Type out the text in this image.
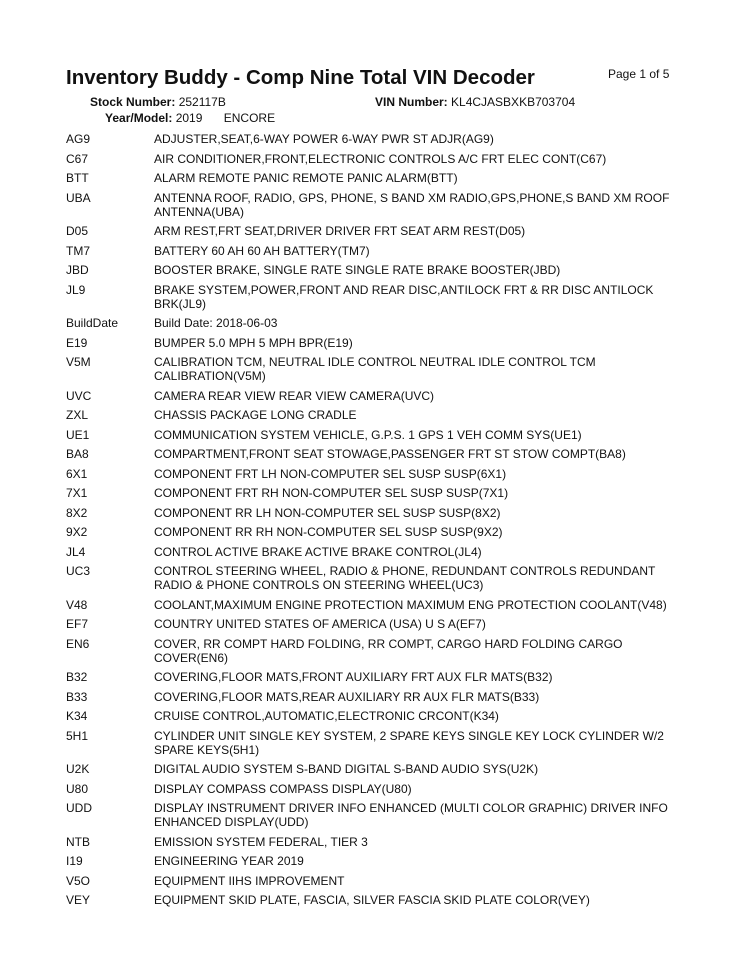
Inventory Buddy - Comp Nine Total VIN Decoder	Page 1 of 5
Stock Number: 252117B	VIN Number: KL4CJASBXKB703704
Year/Model: 2019 ENCORE
AG9	ADJUSTER,SEAT,6-WAY POWER 6-WAY PWR ST ADJR(AG9)
C67	AIR CONDITIONER,FRONT,ELECTRONIC CONTROLS A/C FRT ELEC CONT(C67)
BTT	ALARM REMOTE PANIC REMOTE PANIC ALARM(BTT)
UBA	ANTENNA ROOF, RADIO, GPS, PHONE, S BAND XM RADIO,GPS,PHONE,S BAND XM ROOF ANTENNA(UBA)
D05	ARM REST,FRT SEAT,DRIVER DRIVER FRT SEAT ARM REST(D05)
TM7	BATTERY 60 AH 60 AH BATTERY(TM7)
JBD	BOOSTER BRAKE, SINGLE RATE SINGLE RATE BRAKE BOOSTER(JBD)
JL9	BRAKE SYSTEM,POWER,FRONT AND REAR DISC,ANTILOCK FRT & RR DISC ANTILOCK BRK(JL9)
BuildDate	Build Date: 2018-06-03
E19	BUMPER 5.0 MPH 5 MPH BPR(E19)
V5M	CALIBRATION TCM, NEUTRAL IDLE CONTROL NEUTRAL IDLE CONTROL TCM CALIBRATION(V5M)
UVC	CAMERA REAR VIEW REAR VIEW CAMERA(UVC)
ZXL	CHASSIS PACKAGE LONG CRADLE
UE1	COMMUNICATION SYSTEM VEHICLE, G.P.S. 1 GPS 1 VEH COMM SYS(UE1)
BA8	COMPARTMENT,FRONT SEAT STOWAGE,PASSENGER FRT ST STOW COMPT(BA8)
6X1	COMPONENT FRT LH NON-COMPUTER SEL SUSP SUSP(6X1)
7X1	COMPONENT FRT RH NON-COMPUTER SEL SUSP SUSP(7X1)
8X2	COMPONENT RR LH NON-COMPUTER SEL SUSP SUSP(8X2)
9X2	COMPONENT RR RH NON-COMPUTER SEL SUSP SUSP(9X2)
JL4	CONTROL ACTIVE BRAKE ACTIVE BRAKE CONTROL(JL4)
UC3	CONTROL STEERING WHEEL, RADIO & PHONE, REDUNDANT CONTROLS REDUNDANT RADIO & PHONE CONTROLS ON STEERING WHEEL(UC3)
V48	COOLANT,MAXIMUM ENGINE PROTECTION MAXIMUM ENG PROTECTION COOLANT(V48)
EF7	COUNTRY UNITED STATES OF AMERICA (USA) U S A(EF7)
EN6	COVER, RR COMPT HARD FOLDING, RR COMPT, CARGO HARD FOLDING CARGO COVER(EN6)
B32	COVERING,FLOOR MATS,FRONT AUXILIARY FRT AUX FLR MATS(B32)
B33	COVERING,FLOOR MATS,REAR AUXILIARY RR AUX FLR MATS(B33)
K34	CRUISE CONTROL,AUTOMATIC,ELECTRONIC CRCONT(K34)
5H1	CYLINDER UNIT SINGLE KEY SYSTEM, 2 SPARE KEYS SINGLE KEY LOCK CYLINDER W/2 SPARE KEYS(5H1)
U2K	DIGITAL AUDIO SYSTEM S-BAND DIGITAL S-BAND AUDIO SYS(U2K)
U80	DISPLAY COMPASS COMPASS DISPLAY(U80)
UDD	DISPLAY INSTRUMENT DRIVER INFO ENHANCED (MULTI COLOR GRAPHIC) DRIVER INFO ENHANCED DISPLAY(UDD)
NTB	EMISSION SYSTEM FEDERAL, TIER 3
I19	ENGINEERING YEAR 2019
V5O	EQUIPMENT IIHS IMPROVEMENT
VEY	EQUIPMENT SKID PLATE, FASCIA, SILVER FASCIA SKID PLATE COLOR(VEY)
